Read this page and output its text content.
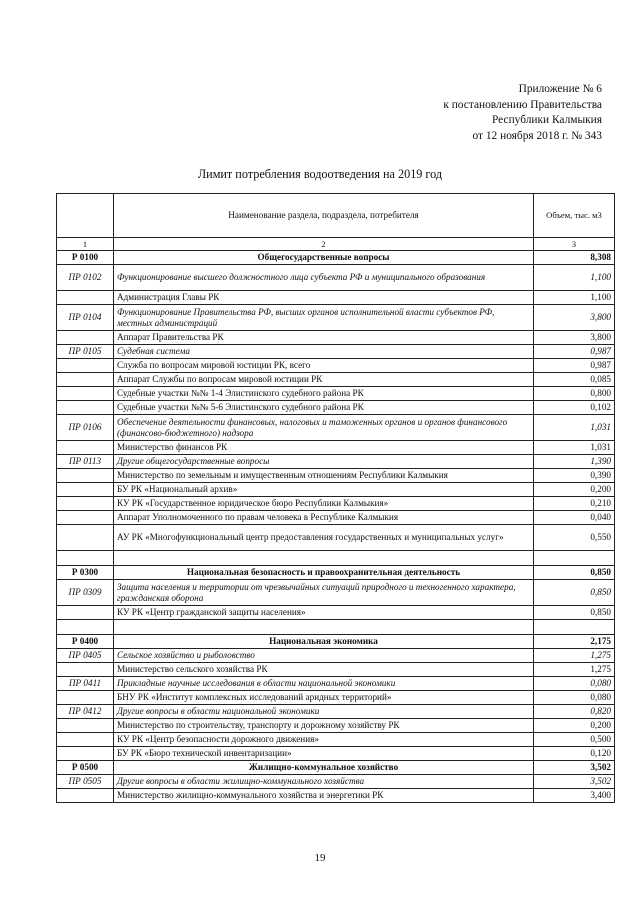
Приложение № 6
к постановлению Правительства
Республики Калмыкия
от 12 ноября 2018 г. № 343
Лимит потребления водоотведения на 2019 год
	Наименование раздела, подраздела, потребителя	Объем, тыс. м3
1	2	3
Р 0100	Общегосударственные вопросы	8,308
ПР 0102	Функционирование высшего должностного лица субъекта РФ и муниципального образования	1,100
	Администрация Главы РК	1,100
ПР 0104	Функционирование Правительства РФ, высших органов исполнительной власти субъектов РФ, местных администраций	3,800
	Аппарат Правительства РК	3,800
ПР 0105	Судебная система	0,987
	Служба по вопросам мировой юстиции РК, всего	0,987
	Аппарат Службы по вопросам мировой юстиции РК	0,085
	Судебные участки №№ 1-4 Элистинского судебного района РК	0,800
	Судебные участки №№ 5-6 Элистинского судебного района РК	0,102
ПР 0106	Обеспечение деятельности финансовых, налоговых и таможенных органов и органов финансового (финансово-бюджетного) надзора	1,031
	Министерство финансов РК	1,031
ПР 0113	Другие общегосударственные вопросы	1,390
	Министерство по земельным и имущественным отношениям Республики Калмыкия	0,390
	БУ РК «Национальный архив»	0,200
	КУ РК «Государственное юридическое бюро Республики Калмыкия»	0,210
	Аппарат Уполномоченного по правам человека в Республике Калмыкия	0,040
	АУ РК «Многофункциональный центр предоставления государственных и муниципальных услуг»	0,550

Р 0300	Национальная безопасность и правоохранительная деятельность	0,850
ПР 0309	Защита населения и территории от чрезвычайных ситуаций природного и техногенного характера, гражданская оборона	0,850
	КУ РК «Центр гражданской защиты населения»	0,850

Р 0400	Национальная экономика	2,175
ПР 0405	Сельское хозяйство и рыболовство	1,275
	Министерство сельского хозяйства РК	1,275
ПР 0411	Прикладные научные исследования в области национальной экономики	0,080
	БНУ РК «Институт комплексных исследований аридных территорий»	0,080
ПР 0412	Другие вопросы в области национальной экономики	0,820
	Министерство по строительству, транспорту и дорожному хозяйству РК	0,200
	КУ РК «Центр безопасности дорожного движения»	0,500
	БУ РК «Бюро технической инвентаризации»	0,120
Р 0500	Жилищно-коммунальное хозяйство	3,502
ПР 0505	Другие вопросы в области жилищно-коммунального хозяйства	3,502
	Министерство жилищно-коммунального хозяйства и энергетики РК	3,400
19
